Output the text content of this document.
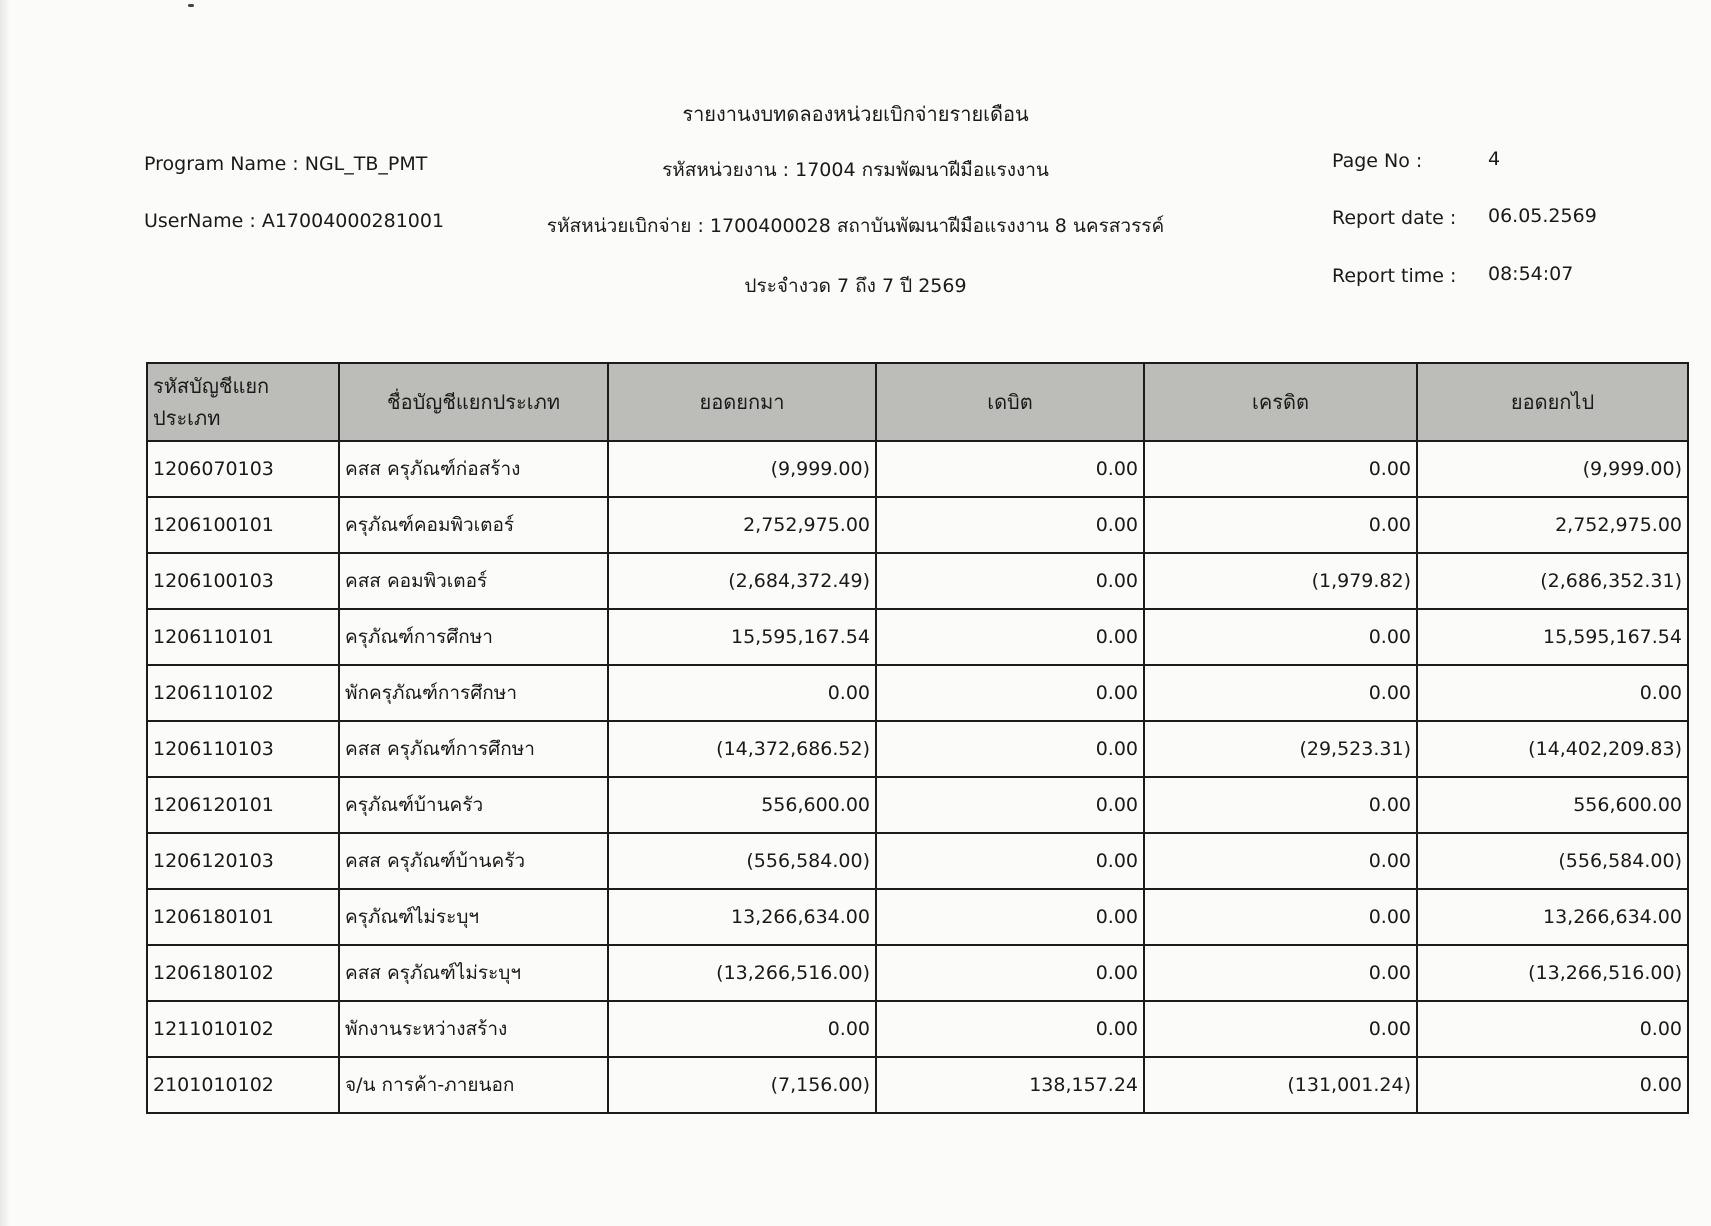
รายงานงบทดลองหน่วยเบิกจ่ายรายเดือน
Program Name : NGL_TB_PMT	รหัสหน่วยงาน : 17004 กรมพัฒนาฝีมือแรงงาน
UserName : A17004000281001	รหัสหน่วยเบิกจ่าย : 1700400028 สถาบันพัฒนาฝีมือแรงงาน 8 นครสวรรค์
ประจำงวด 7 ถึง 7 ปี 2569
Page No :	4
Report date : 06.05.2569
Report time : 08:54:07
รหัสบัญชีแยกประเภท	ชื่อบัญชีแยกประเภท	ยอดยกมา	เดบิต	เครดิต	ยอดยกไป
1206070103	คสส ครุภัณฑ์ก่อสร้าง	(9,999.00)	0.00	0.00	(9,999.00)
1206100101	ครุภัณฑ์คอมพิวเตอร์	2,752,975.00	0.00	0.00	2,752,975.00
1206100103	คสส คอมพิวเตอร์	(2,684,372.49)	0.00	(1,979.82)	(2,686,352.31)
1206110101	ครุภัณฑ์การศึกษา	15,595,167.54	0.00	0.00	15,595,167.54
1206110102	พักครุภัณฑ์การศึกษา	0.00	0.00	0.00	0.00
1206110103	คสส ครุภัณฑ์การศึกษา	(14,372,686.52)	0.00	(29,523.31)	(14,402,209.83)
1206120101	ครุภัณฑ์บ้านครัว	556,600.00	0.00	0.00	556,600.00
1206120103	คสส ครุภัณฑ์บ้านครัว	(556,584.00)	0.00	0.00	(556,584.00)
1206180101	ครุภัณฑ์ไม่ระบุฯ	13,266,634.00	0.00	0.00	13,266,634.00
1206180102	คสส ครุภัณฑ์ไม่ระบุฯ	(13,266,516.00)	0.00	0.00	(13,266,516.00)
1211010102	พักงานระหว่างสร้าง	0.00	0.00	0.00	0.00
2101010102	จ/น การค้า-ภายนอก	(7,156.00)	138,157.24	(131,001.24)	0.00
